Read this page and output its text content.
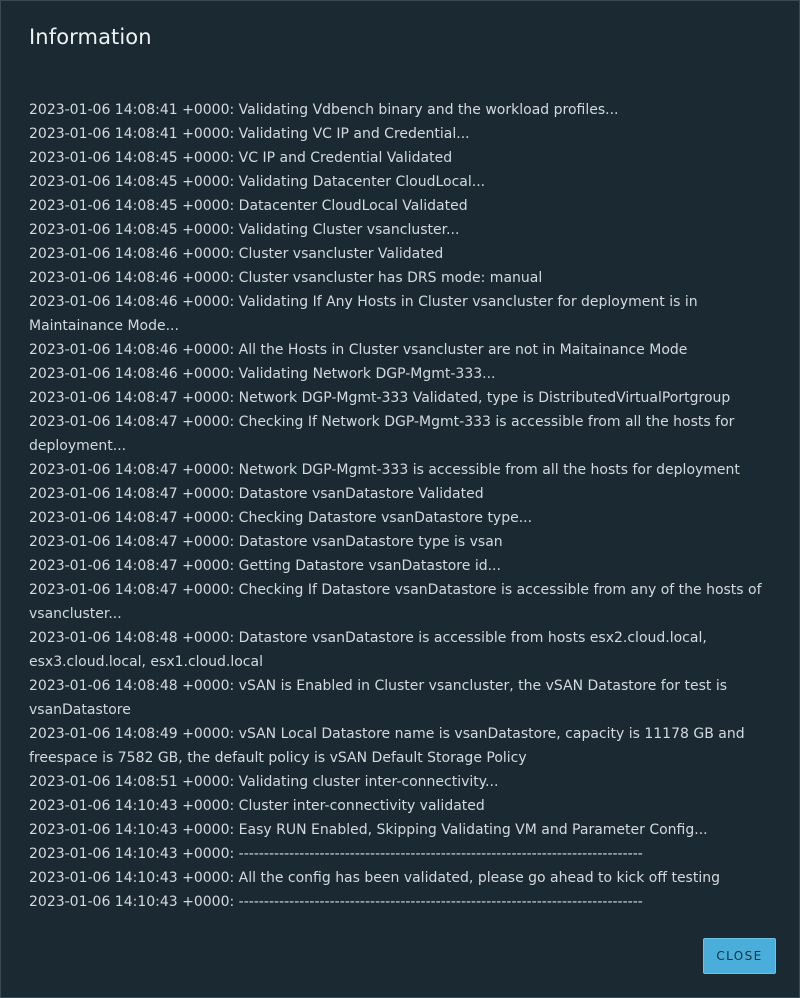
Information

2023-01-06 14:08:41 +0000: Validating Vdbench binary and the workload profiles...

2023-01-06 14:08:41 +0000: Validating VC IP and Credential...

2023-01-06 14:08:45 +0000: VC IP and Credential Validated

2023-01-06 14:08:45 +0000: Validating Datacenter CloudLocal...

2023-01-06 14:08:45 +0000: Datacenter CloudLocal Validated

2023-01-06 14:08:45 +0000: Validating Cluster vsancluster...

2023-01-06 14:08:46 +0000: Cluster vsancluster Validated

2023-01-06 14:08:46 +0000: Cluster vsancluster has DRS mode: manual

2023-01-06 14:08:46 +0000: Validating If Any Hosts in Cluster vsancluster for deployment is in Maintainance Mode...

2023-01-06 14:08:46 +0000: All the Hosts in Cluster vsancluster are not in Maitainance Mode

2023-01-06 14:08:46 +0000: Validating Network DGP-Mgmt-333...

2023-01-06 14:08:47 +0000: Network DGP-Mgmt-333 Validated, type is DistributedVirtualPortgroup

2023-01-06 14:08:47 +0000: Checking If Network DGP-Mgmt-333 is accessible from all the hosts for deployment...

2023-01-06 14:08:47 +0000: Network DGP-Mgmt-333 is accessible from all the hosts for deployment

2023-01-06 14:08:47 +0000: Datastore vsanDatastore Validated

2023-01-06 14:08:47 +0000: Checking Datastore vsanDatastore type...

2023-01-06 14:08:47 +0000: Datastore vsanDatastore type is vsan

2023-01-06 14:08:47 +0000: Getting Datastore vsanDatastore id...

2023-01-06 14:08:47 +0000: Checking If Datastore vsanDatastore is accessible from any of the hosts of vsancluster...

2023-01-06 14:08:48 +0000: Datastore vsanDatastore is accessible from hosts esx2.cloud.local, esx3.cloud.local, esx1.cloud.local

2023-01-06 14:08:48 +0000: vSAN is Enabled in Cluster vsancluster, the vSAN Datastore for test is vsanDatastore

2023-01-06 14:08:49 +0000: vSAN Local Datastore name is vsanDatastore, capacity is 11178 GB and freespace is 7582 GB, the default policy is vSAN Default Storage Policy

2023-01-06 14:08:51 +0000: Validating cluster inter-connectivity...

2023-01-06 14:10:43 +0000: Cluster inter-connectivity validated

2023-01-06 14:10:43 +0000: Easy RUN Enabled, Skipping Validating VM and Parameter Config...

2023-01-06 14:10:43 +0000: --------------------------------------------------------------------------------

2023-01-06 14:10:43 +0000: All the config has been validated, please go ahead to kick off testing

2023-01-06 14:10:43 +0000: --------------------------------------------------------------------------------

CLOSE
